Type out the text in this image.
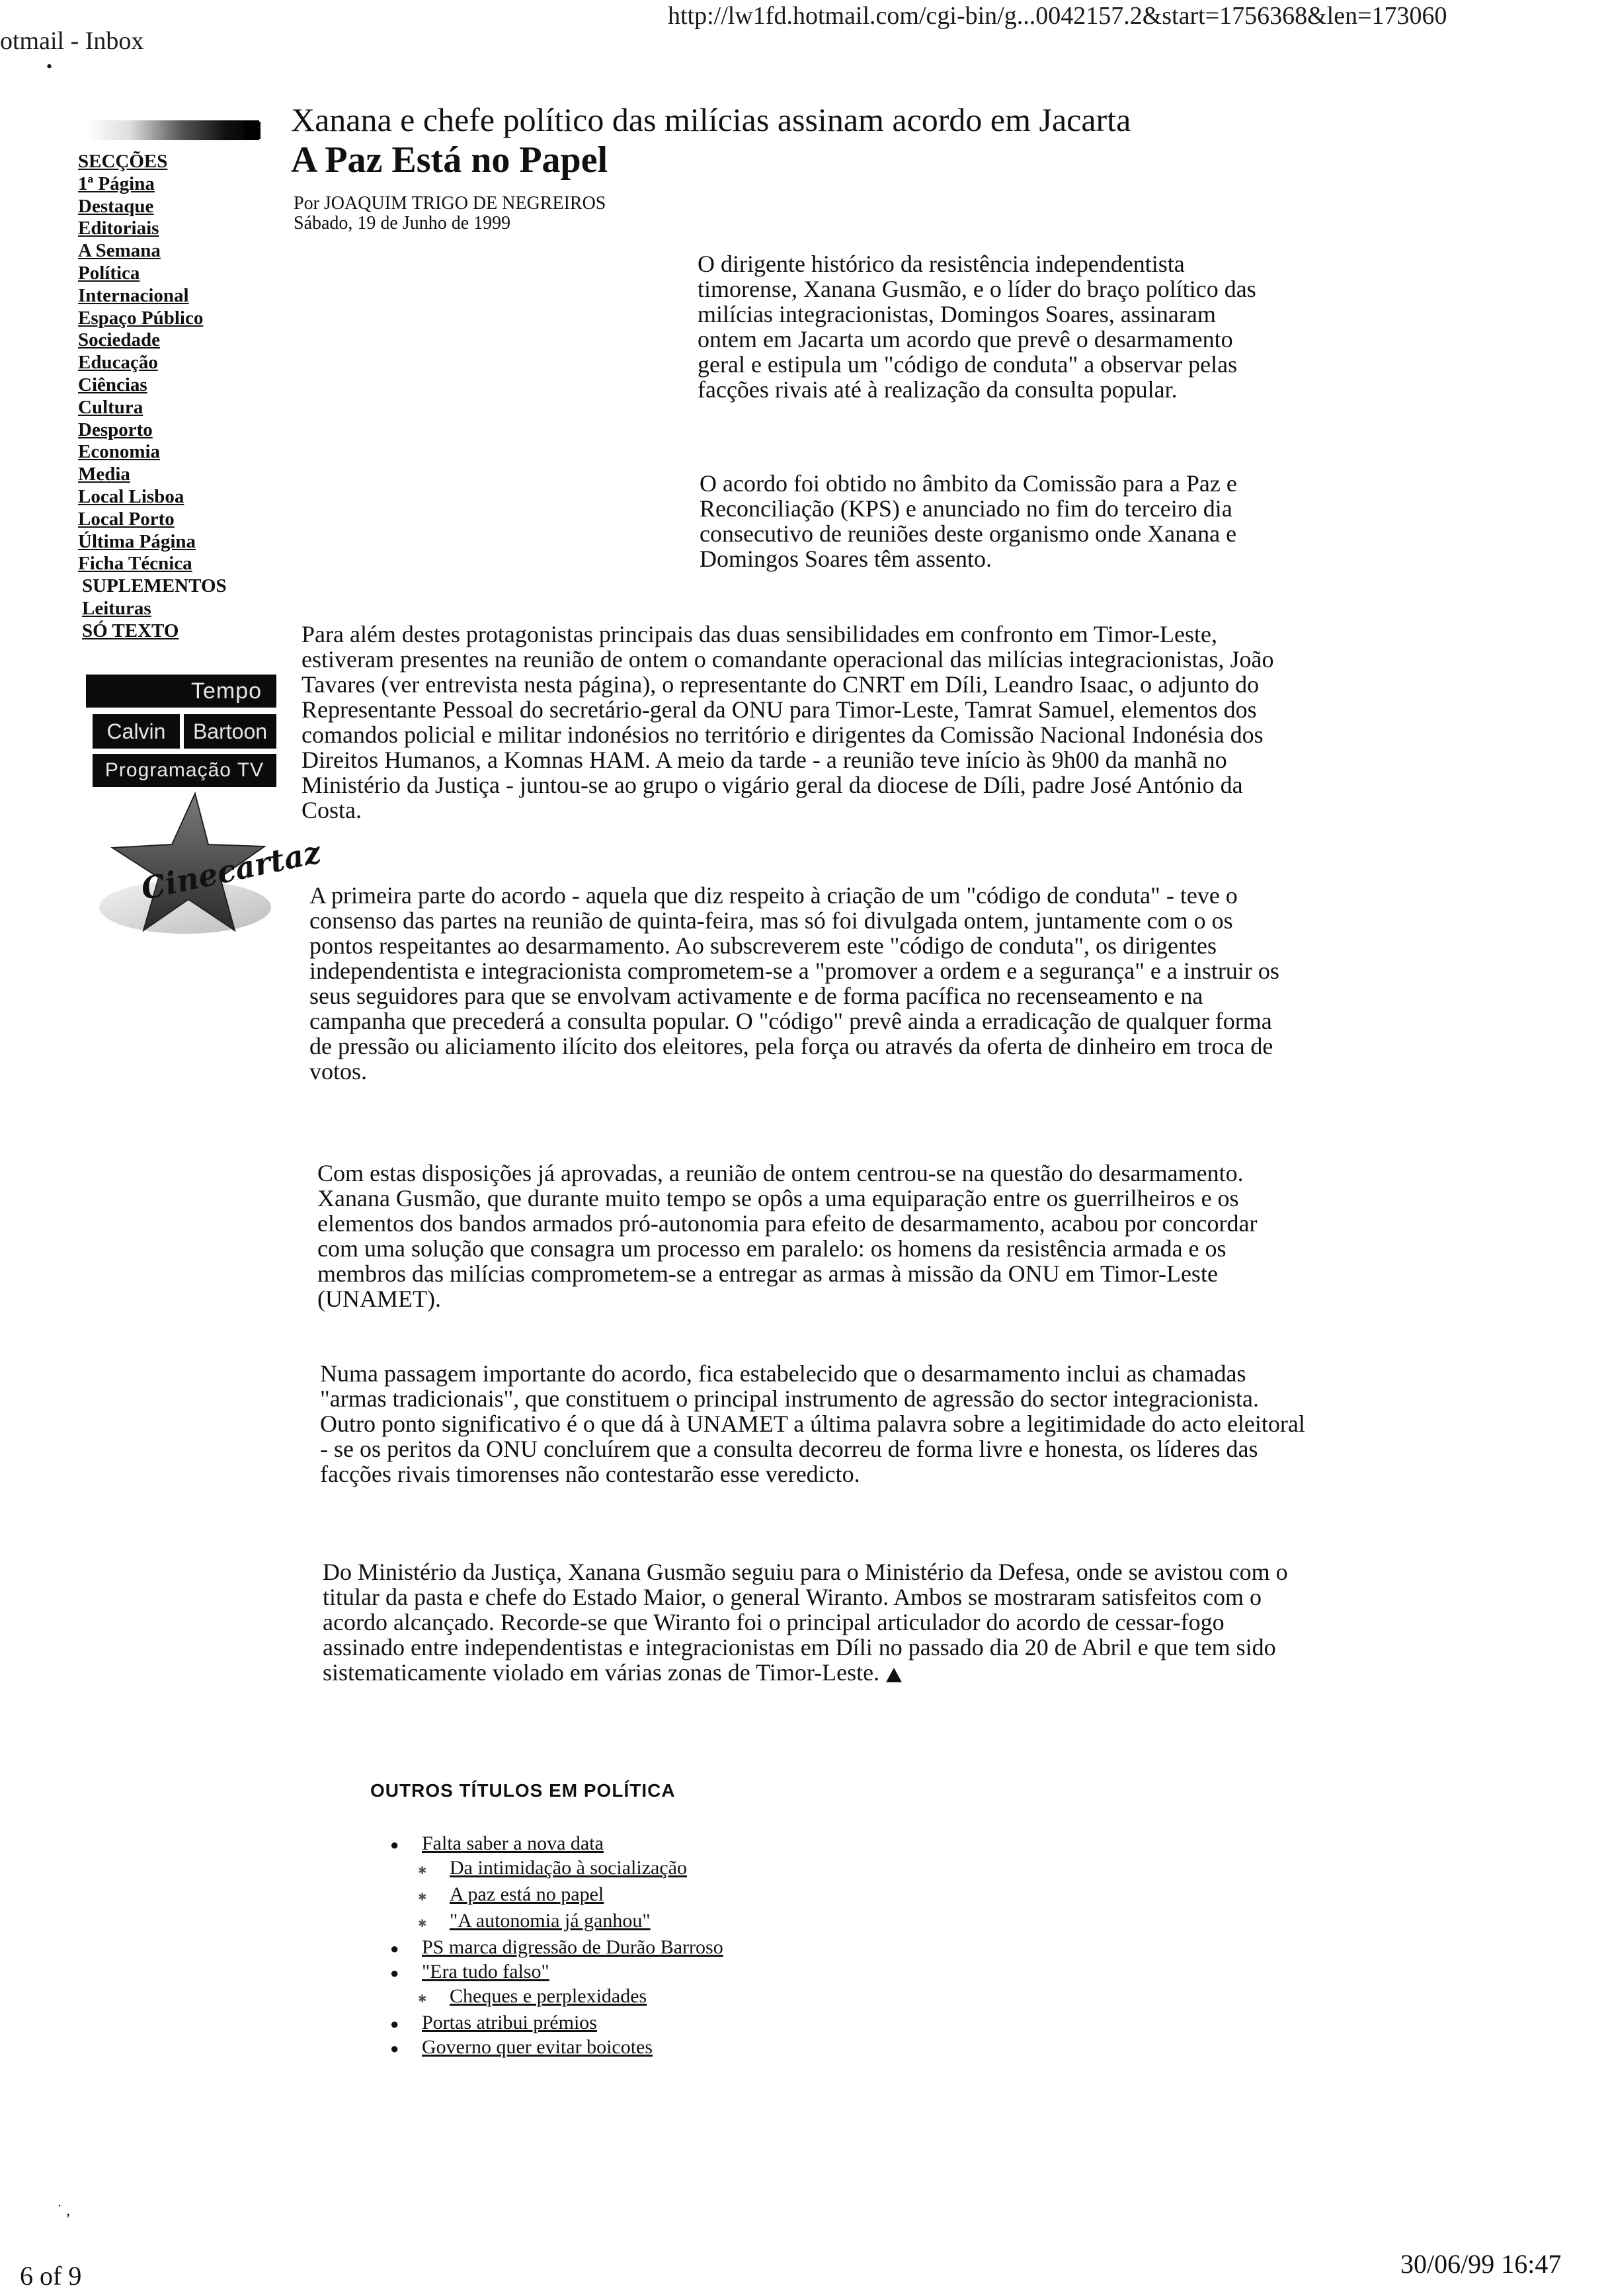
otmail - Inbox
http://lw1fd.hotmail.com/cgi-bin/g...0042157.2&start=1756368&len=173060
•
SECÇÕES
1ª Página
Destaque
Editoriais
A Semana
Política
Internacional
Espaço Público
Sociedade
Educação
Ciências
Cultura
Desporto
Economia
Media
Local Lisboa
Local Porto
Última Página
Ficha Técnica
SUPLEMENTOS
Leituras
SÓ TEXTO
Tempo
Calvin Bartoon
Programação TV
Cinecartaz
Xanana e chefe político das milícias assinam acordo em Jacarta
A Paz Está no Papel
Por JOAQUIM TRIGO DE NEGREIROS
Sábado, 19 de Junho de 1999

O dirigente histórico da resistência independentista timorense, Xanana Gusmão, e o líder do braço político das milícias integracionistas, Domingos Soares, assinaram ontem em Jacarta um acordo que prevê o desarmamento geral e estipula um "código de conduta" a observar pelas facções rivais até à realização da consulta popular.

O acordo foi obtido no âmbito da Comissão para a Paz e Reconciliação (KPS) e anunciado no fim do terceiro dia consecutivo de reuniões deste organismo onde Xanana e Domingos Soares têm assento.

Para além destes protagonistas principais das duas sensibilidades em confronto em Timor-Leste, estiveram presentes na reunião de ontem o comandante operacional das milícias integracionistas, João Tavares (ver entrevista nesta página), o representante do CNRT em Díli, Leandro Isaac, o adjunto do Representante Pessoal do secretário-geral da ONU para Timor-Leste, Tamrat Samuel, elementos dos comandos policial e militar indonésios no território e dirigentes da Comissão Nacional Indonésia dos Direitos Humanos, a Komnas HAM. A meio da tarde - a reunião teve início às 9h00 da manhã no Ministério da Justiça - juntou-se ao grupo o vigário geral da diocese de Díli, padre José António da Costa.

A primeira parte do acordo - aquela que diz respeito à criação de um "código de conduta" - teve o consenso das partes na reunião de quinta-feira, mas só foi divulgada ontem, juntamente com o os pontos respeitantes ao desarmamento. Ao subscreverem este "código de conduta", os dirigentes independentista e integracionista comprometem-se a "promover a ordem e a segurança" e a instruir os seus seguidores para que se envolvam activamente e de forma pacífica no recenseamento e na campanha que precederá a consulta popular. O "código" prevê ainda a erradicação de qualquer forma de pressão ou aliciamento ilícito dos eleitores, pela força ou através da oferta de dinheiro em troca de votos.

Com estas disposições já aprovadas, a reunião de ontem centrou-se na questão do desarmamento. Xanana Gusmão, que durante muito tempo se opôs a uma equiparação entre os guerrilheiros e os elementos dos bandos armados pró-autonomia para efeito de desarmamento, acabou por concordar com uma solução que consagra um processo em paralelo: os homens da resistência armada e os membros das milícias comprometem-se a entregar as armas à missão da ONU em Timor-Leste (UNAMET).

Numa passagem importante do acordo, fica estabelecido que o desarmamento inclui as chamadas "armas tradicionais", que constituem o principal instrumento de agressão do sector integracionista. Outro ponto significativo é o que dá à UNAMET a última palavra sobre a legitimidade do acto eleitoral - se os peritos da ONU concluírem que a consulta decorreu de forma livre e honesta, os líderes das facções rivais timorenses não contestarão esse veredicto.

Do Ministério da Justiça, Xanana Gusmão seguiu para o Ministério da Defesa, onde se avistou com o titular da pasta e chefe do Estado Maior, o general Wiranto. Ambos se mostraram satisfeitos com o acordo alcançado. Recorde-se que Wiranto foi o principal articulador do acordo de cessar-fogo assinado entre independentistas e integracionistas em Díli no passado dia 20 de Abril e que tem sido sistematicamente violado em várias zonas de Timor-Leste.

OUTROS TÍTULOS EM POLÍTICA
● Falta saber a nova data
✱ Da intimidação à socialização
✱ A paz está no papel
✱ "A autonomia já ganhou"
● PS marca digressão de Durão Barroso
● "Era tudo falso"
✱ Cheques e perplexidades
● Portas atribui prémios
● Governo quer evitar boicotes
˙ ,
6 of 9	30/06/99 16:47
